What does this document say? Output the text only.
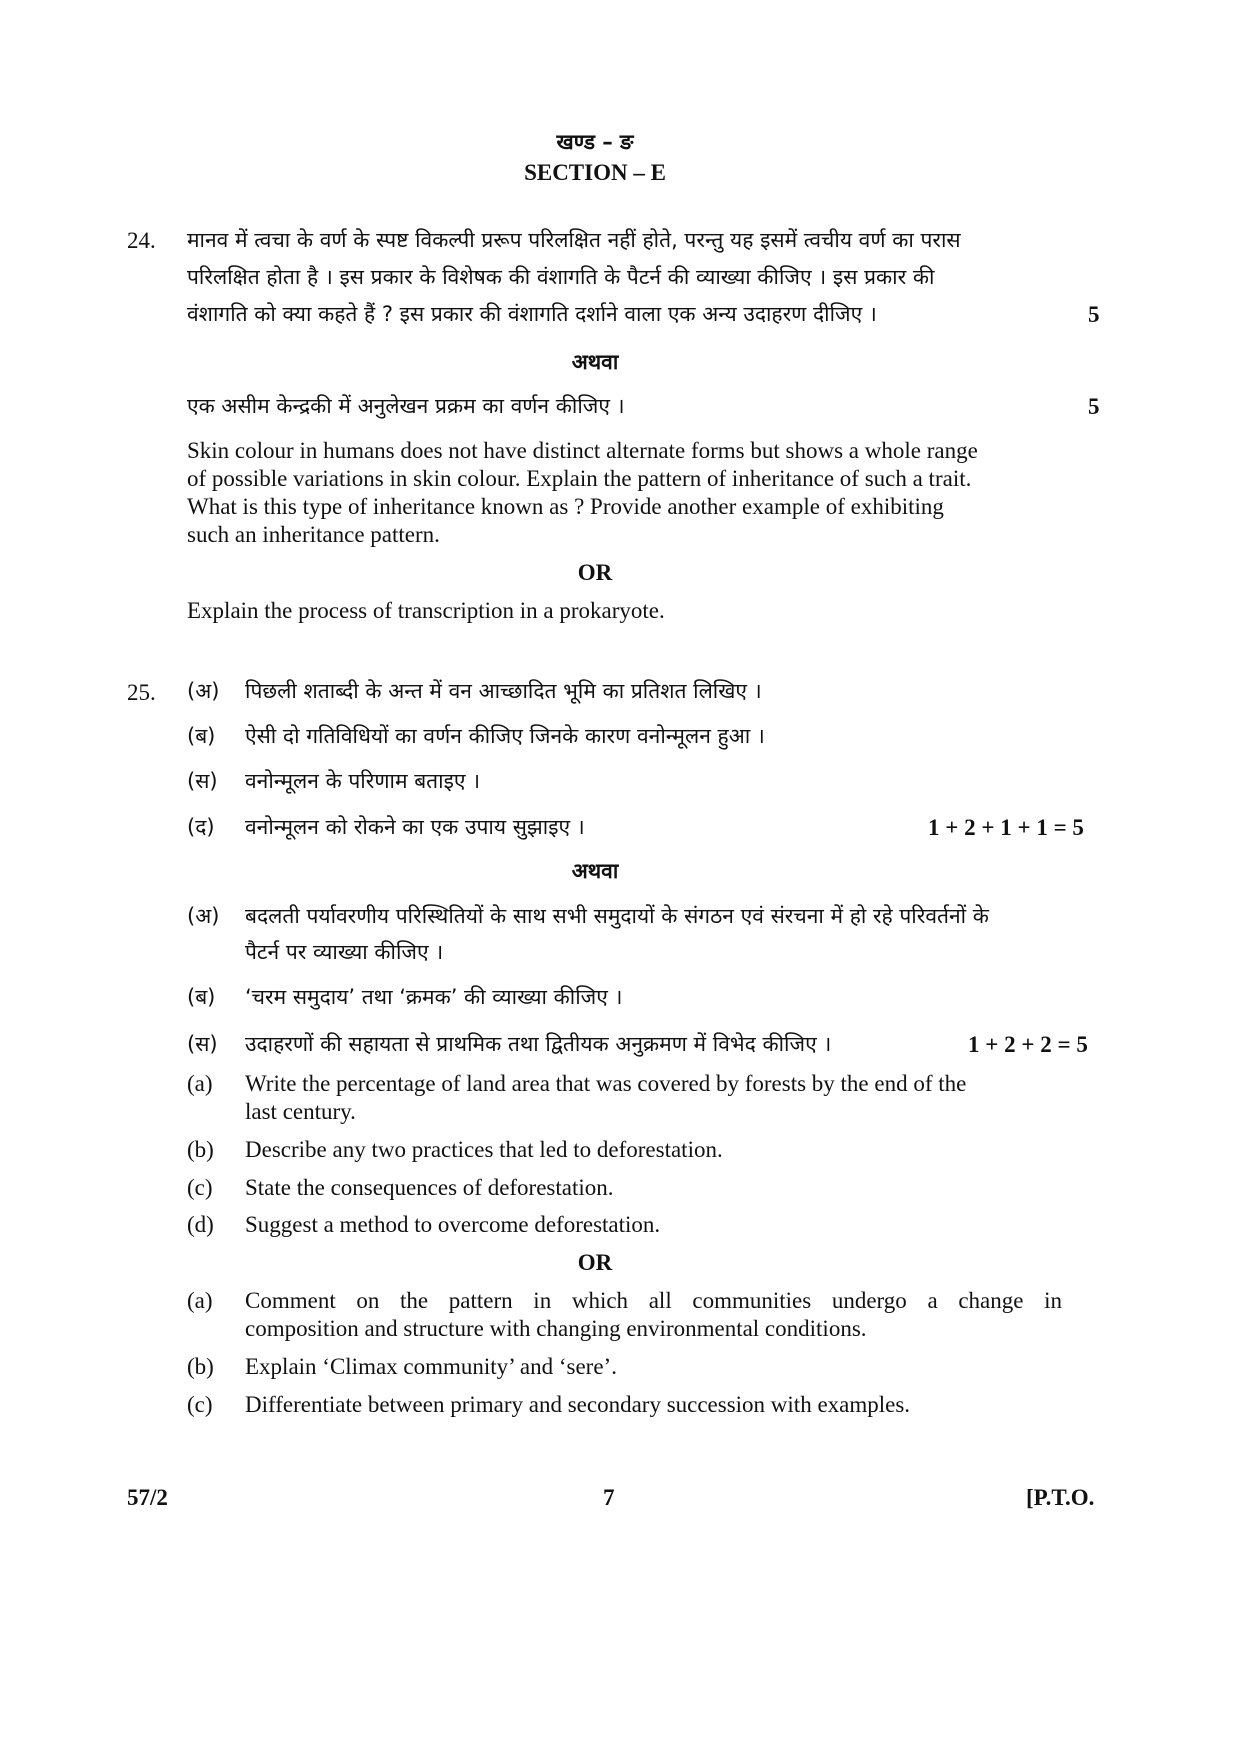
खण्ड – ङ
SECTION – E
24. मानव में त्वचा के वर्ण के स्पष्ट विकल्पी प्ररूप परिलक्षित नहीं होते, परन्तु यह इसमें त्वचीय वर्ण का परास
परिलक्षित होता है । इस प्रकार के विशेषक की वंशागति के पैटर्न की व्याख्या कीजिए । इस प्रकार की
वंशागति को क्या कहते हैं ? इस प्रकार की वंशागति दर्शाने वाला एक अन्य उदाहरण दीजिए ।	5
अथवा
एक असीम केन्द्रकी में अनुलेखन प्रक्रम का वर्णन कीजिए ।	5
Skin colour in humans does not have distinct alternate forms but shows a whole range
of possible variations in skin colour. Explain the pattern of inheritance of such a trait.
What is this type of inheritance known as ? Provide another example of exhibiting
such an inheritance pattern.
OR
Explain the process of transcription in a prokaryote.
25. (अ) पिछली शताब्दी के अन्त में वन आच्छादित भूमि का प्रतिशत लिखिए ।
(ब) ऐसी दो गतिविधियों का वर्णन कीजिए जिनके कारण वनोन्मूलन हुआ ।
(स) वनोन्मूलन के परिणाम बताइए ।
(द) वनोन्मूलन को रोकने का एक उपाय सुझाइए ।	1 + 2 + 1 + 1 = 5
अथवा
(अ) बदलती पर्यावरणीय परिस्थितियों के साथ सभी समुदायों के संगठन एवं संरचना में हो रहे परिवर्तनों के
पैटर्न पर व्याख्या कीजिए ।
(ब) ‘चरम समुदाय’ तथा ‘क्रमक’ की व्याख्या कीजिए ।
(स) उदाहरणों की सहायता से प्राथमिक तथा द्वितीयक अनुक्रमण में विभेद कीजिए ।	1 + 2 + 2 = 5
(a) Write the percentage of land area that was covered by forests by the end of the
last century.
(b) Describe any two practices that led to deforestation.
(c) State the consequences of deforestation.
(d) Suggest a method to overcome deforestation.
OR
(a) Comment on the pattern in which all communities undergo a change in
composition and structure with changing environmental conditions.
(b) Explain ‘Climax community’ and ‘sere’.
(c) Differentiate between primary and secondary succession with examples.
57/2	7	[P.T.O.
